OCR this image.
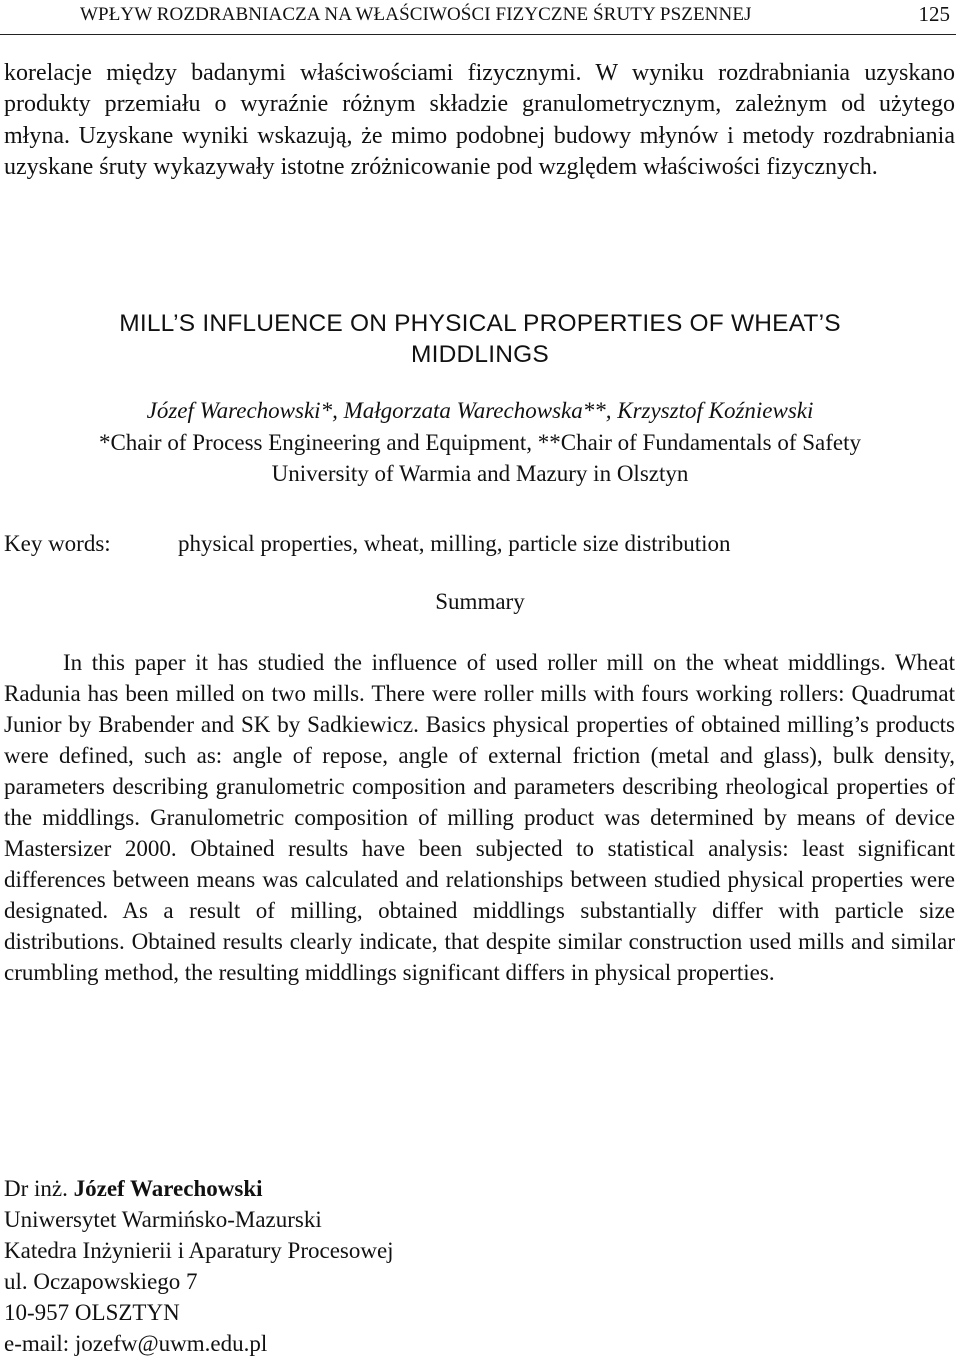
WPŁYW ROZDRABNIACZA NA WŁAŚCIWOŚCI FIZYCZNE ŚRUTY PSZENNEJ	125

korelacje między badanymi właściwościami fizycznymi. W wyniku rozdrabniania uzyskano produkty przemiału o wyraźnie różnym składzie granulometrycznym, zależnym od użytego młyna. Uzyskane wyniki wskazują, że mimo podobnej budowy młynów i metody rozdrabniania uzyskane śruty wykazywały istotne zróżnicowanie pod względem właściwości fizycznych.

MILL’S INFLUENCE ON PHYSICAL PROPERTIES OF WHEAT’S
MIDDLINGS
Józef Warechowski*, Małgorzata Warechowska**, Krzysztof Koźniewski
*Chair of Process Engineering and Equipment, **Chair of Fundamentals of Safety
University of Warmia and Mazury in Olsztyn
Key words:	physical properties, wheat, milling, particle size distribution
Summary

In this paper it has studied the influence of used roller mill on the wheat middlings. Wheat Radunia has been milled on two mills. There were roller mills with fours working rollers: Quadrumat Junior by Brabender and SK by Sadkiewicz. Basics physical properties of obtained milling’s products were defined, such as: angle of repose, angle of external friction (metal and glass), bulk density, parameters describing granulometric composition and parameters describing rheological properties of the middlings. Granulometric composition of milling product was determined by means of device Mastersizer 2000. Obtained results have been subjected to statistical analysis: least significant differences between means was calculated and relationships between studied physical properties were designated. As a result of milling, obtained middlings substantially differ with particle size distributions. Obtained results clearly indicate, that despite similar construction used mills and similar crumbling method, the resulting middlings significant differs in physical properties.

Dr inż. Józef Warechowski
Uniwersytet Warmińsko-Mazurski
Katedra Inżynierii i Aparatury Procesowej
ul. Oczapowskiego 7
10-957 OLSZTYN
e-mail: jozefw@uwm.edu.pl
